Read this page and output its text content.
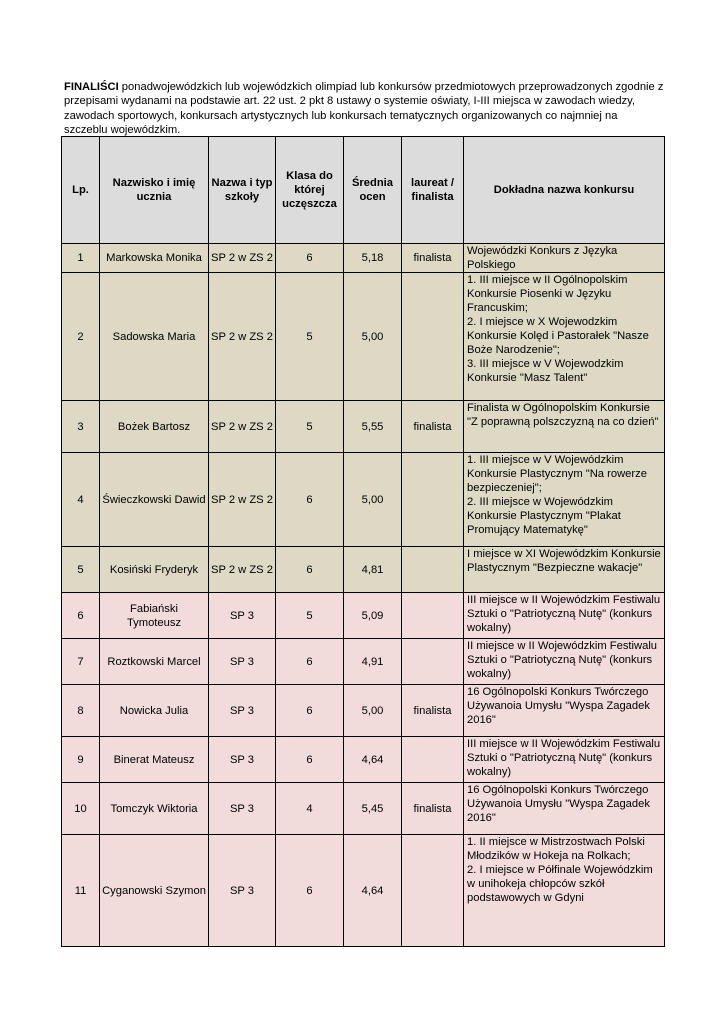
FINALIŚCI ponadwojewódzkich lub wojewódzkich olimpiad lub konkursów przedmiotowych przeprowadzonych zgodnie z przepisami wydanami na podstawie art. 22 ust. 2 pkt 8 ustawy o systemie oświaty, I-III miejsca w zawodach wiedzy, zawodach sportowych, konkursach artystycznych lub konkursach tematycznych organizowanych co najmniej na szczeblu wojewódzkim.
Lp.	Nazwisko i imię ucznia	Nazwa i typ szkoły	Klasa do której uczęszcza	Średnia ocen	laureat / finalista	Dokładna nazwa konkursu
1	Markowska Monika	SP 2 w ZS 2	6	5,18	finalista	Wojewódzki Konkurs z Języka Polskiego
2	Sadowska Maria	SP 2 w ZS 2	5	5,00		1. III miejsce w II Ogólnopolskim Konkursie Piosenki w Języku Francuskim;
2. I miejsce w X Wojewodzkim Konkursie Kolęd i Pastorałek "Nasze Boże Narodzenie";
3. III miejsce w V Wojewodzkim Konkursie "Masz Talent"
3	Bożek Bartosz	SP 2 w ZS 2	5	5,55	finalista	Finalista w Ogólnopolskim Konkursie "Z poprawną polszczyzną na co dzień"
4	Świeczkowski Dawid	SP 2 w ZS 2	6	5,00		1. III miejsce w V Wojewódzkim Konkursie Plastycznym "Na rowerze bezpieczeniej";
2. III miejsce w Wojewódzkim Konkursie Plastycznym "Plakat Promujący Matematykę"
5	Kosiński Fryderyk	SP 2 w ZS 2	6	4,81		I miejsce w XI Wojewódzkim Konkursie Plastycznym "Bezpieczne wakacje"
6	Fabiański Tymoteusz	SP 3	5	5,09		III miejsce w II Wojewódzkim Festiwalu Sztuki o "Patriotyczną Nutę" (konkurs wokalny)
7	Roztkowski Marcel	SP 3	6	4,91		II miejsce w II Wojewódzkim Festiwalu Sztuki o "Patriotyczną Nutę" (konkurs wokalny)
8	Nowicka Julia	SP 3	6	5,00	finalista	16 Ogólnopolski Konkurs Twórczego Używanoia Umysłu "Wyspa Zagadek 2016"
9	Binerat Mateusz	SP 3	6	4,64		III miejsce w II Wojewódzkim Festiwalu Sztuki o "Patriotyczną Nutę" (konkurs wokalny)
10	Tomczyk Wiktoria	SP 3	4	5,45	finalista	16 Ogólnopolski Konkurs Twórczego Używanoia Umysłu "Wyspa Zagadek 2016"
11	Cyganowski Szymon	SP 3	6	4,64		1. II miejsce w Mistrzostwach Polski Młodzików w Hokeja na Rolkach;
2. I miejsce w Półfinale Wojewódzkim w unihokeja chłopców szkół podstawowych w Gdyni
